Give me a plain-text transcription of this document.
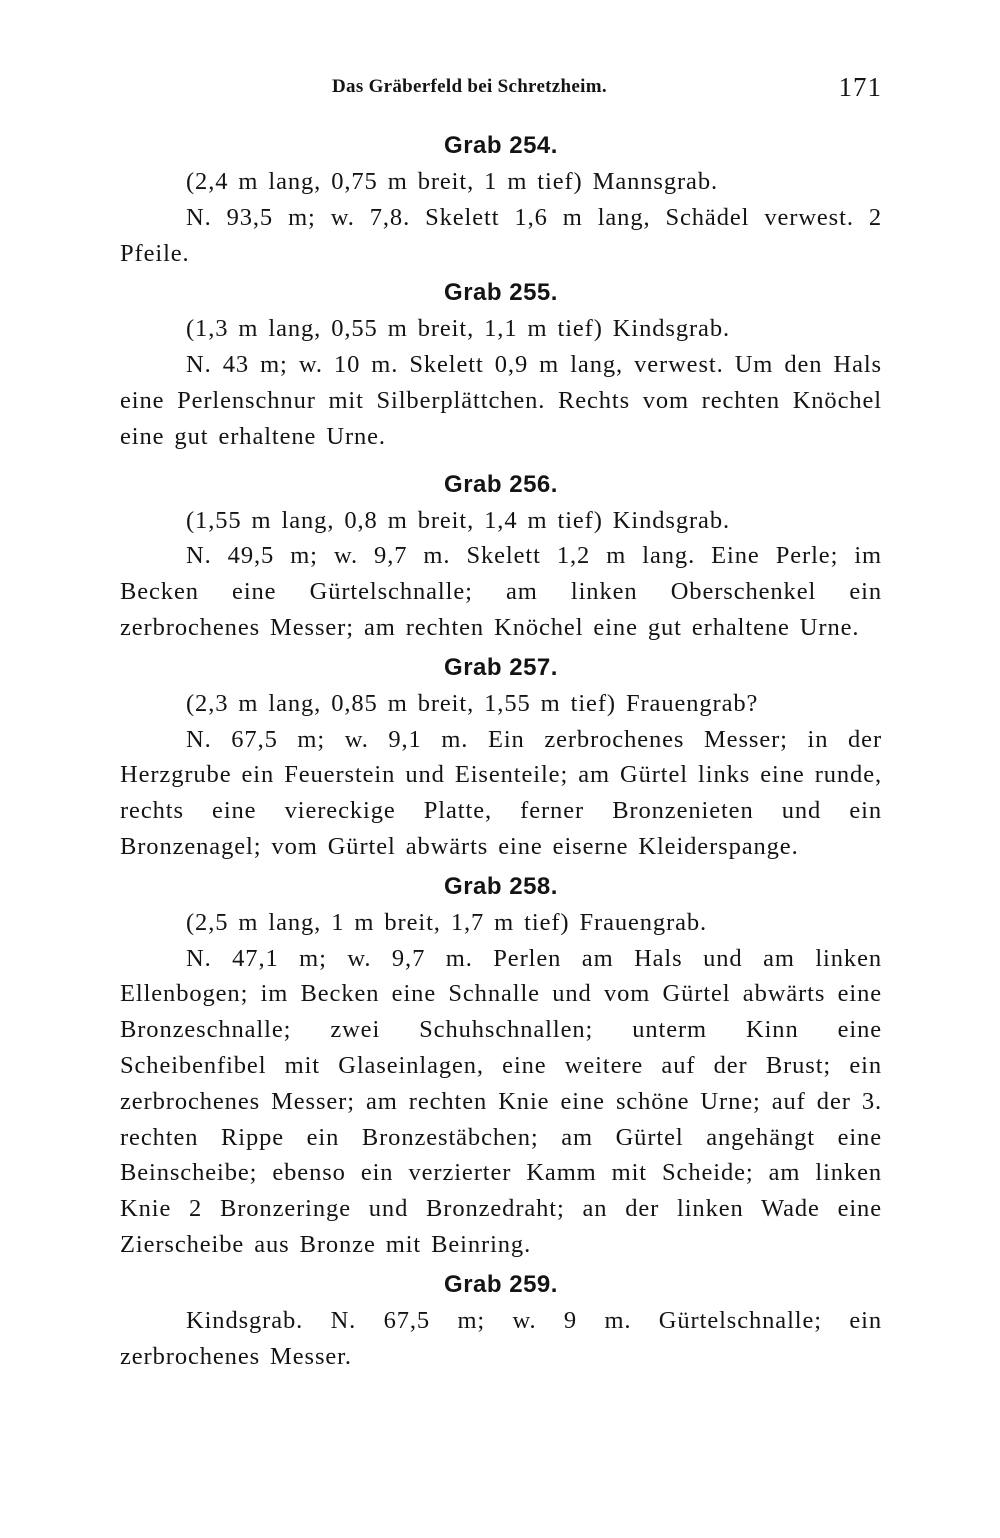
Das Gräberfeld bei Schretzheim.	171
Grab 254.

(2,4 m lang, 0,75 m breit, 1 m tief) Mannsgrab.

N. 93,5 m; w. 7,8. Skelett 1,6 m lang, Schädel verwest. 2 Pfeile.

Grab 255.

(1,3 m lang, 0,55 m breit, 1,1 m tief) Kindsgrab.

N. 43 m; w. 10 m. Skelett 0,9 m lang, verwest. Um den Hals eine Perlenschnur mit Silberplättchen. Rechts vom rechten Knöchel eine gut erhaltene Urne.

Grab 256.

(1,55 m lang, 0,8 m breit, 1,4 m tief) Kindsgrab.

N. 49,5 m; w. 9,7 m. Skelett 1,2 m lang. Eine Perle; im Becken eine Gürtelschnalle; am linken Oberschenkel ein zerbrochenes Messer; am rechten Knöchel eine gut erhaltene Urne.

Grab 257.

(2,3 m lang, 0,85 m breit, 1,55 m tief) Frauengrab?

N. 67,5 m; w. 9,1 m. Ein zerbrochenes Messer; in der Herzgrube ein Feuerstein und Eisenteile; am Gürtel links eine runde, rechts eine viereckige Platte, ferner Bronzenieten und ein Bronzenagel; vom Gürtel abwärts eine eiserne Kleiderspange.

Grab 258.

(2,5 m lang, 1 m breit, 1,7 m tief) Frauengrab.

N. 47,1 m; w. 9,7 m. Perlen am Hals und am linken Ellenbogen; im Becken eine Schnalle und vom Gürtel abwärts eine Bronzeschnalle; zwei Schuhschnallen; unterm Kinn eine Scheibenfibel mit Glaseinlagen, eine weitere auf der Brust; ein zerbrochenes Messer; am rechten Knie eine schöne Urne; auf der 3. rechten Rippe ein Bronzestäbchen; am Gürtel angehängt eine Beinscheibe; ebenso ein verzierter Kamm mit Scheide; am linken Knie 2 Bronzeringe und Bronzedraht; an der linken Wade eine Zierscheibe aus Bronze mit Beinring.

Grab 259.

Kindsgrab. N. 67,5 m; w. 9 m. Gürtelschnalle; ein zerbrochenes Messer.
